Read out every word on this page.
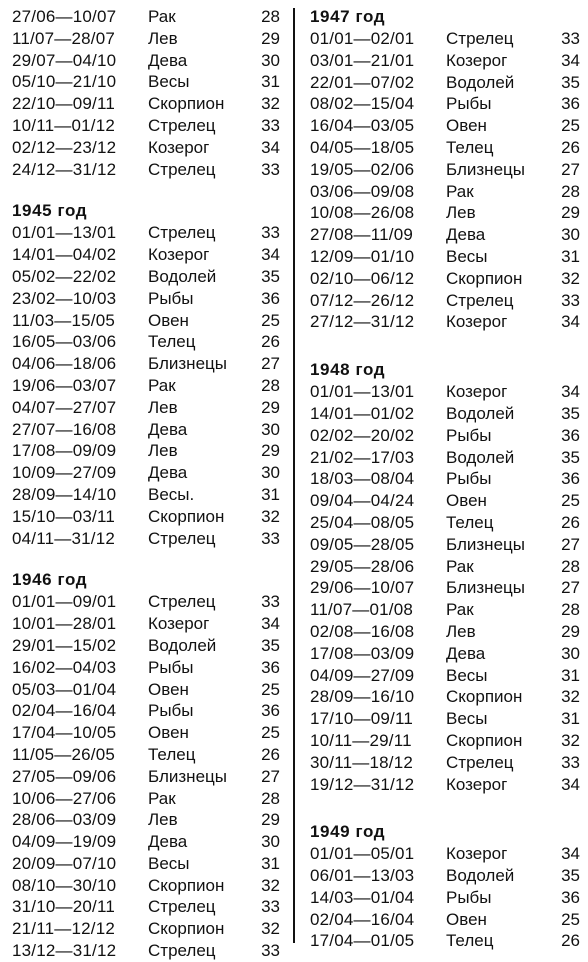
27/06—10/07 Рак	28
11/07—28/07 Лев	29
29/07—04/10 Дева	30
05/10—21/10 Весы	31
22/10—09/11 Скорпион 32
10/11—01/12 Стрелец	33
02/12—23/12 Козерог	34
24/12—31/12 Стрелец	33
1945 год
01/01—13/01 Стрелец	33
14/01—04/02 Козерог	34
05/02—22/02 Водолей	35
23/02—10/03 Рыбы	36
11/03—15/05 Овен	25
16/05—03/06 Телец	26
04/06—18/06 Близнецы 27
19/06—03/07 Рак	28
04/07—27/07 Лев	29
27/07—16/08 Дева	30
17/08—09/09 Лев	29
10/09—27/09 Дева	30
28/09—14/10 Весы.	31
15/10—03/11 Скорпион 32
04/11—31/12 Стрелец	33
1946 год
01/01—09/01 Стрелец	33
10/01—28/01 Козерог	34
29/01—15/02 Водолей	35
16/02—04/03 Рыбы	36
05/03—01/04 Овен	25
02/04—16/04 Рыбы	36
17/04—10/05 Овен	25
11/05—26/05 Телец	26
27/05—09/06 Близнецы 27
10/06—27/06 Рак	28
28/06—03/09 Лев	29
04/09—19/09 Дева	30
20/09—07/10 Весы	31
08/10—30/10 Скорпион 32
31/10—20/11 Стрелец	33
21/11—12/12 Скорпион 32
13/12—31/12 Стрелец	33
1947 год
01/01—02/01 Стрелец	33
03/01—21/01 Козерог	34
22/01—07/02 Водолей	35
08/02—15/04 Рыбы	36
16/04—03/05 Овен	25
04/05—18/05 Телец	26
19/05—02/06 Близнецы 27
03/06—09/08 Рак	28
10/08—26/08 Лев	29
27/08—11/09 Дева	30
12/09—01/10 Весы	31
02/10—06/12 Скорпион 32
07/12—26/12 Стрелец	33
27/12—31/12 Козерог	34
1948 год
01/01—13/01 Козерог	34
14/01—01/02 Водолей	35
02/02—20/02 Рыбы	36
21/02—17/03 Водолей	35
18/03—08/04 Рыбы	36
09/04—04/24 Овен	25
25/04—08/05 Телец	26
09/05—28/05 Близнецы 27
29/05—28/06 Рак	28
29/06—10/07 Близнецы 27
11/07—01/08 Рак	28
02/08—16/08 Лев	29
17/08—03/09 Дева	30
04/09—27/09 Весы	31
28/09—16/10 Скорпион 32
17/10—09/11 Весы	31
10/11—29/11 Скорпион 32
30/11—18/12 Стрелец	33
19/12—31/12 Козерог	34
1949 год
01/01—05/01 Козерог	34
06/01—13/03 Водолей	35
14/03—01/04 Рыбы	36
02/04—16/04 Овен	25
17/04—01/05 Телец	26
